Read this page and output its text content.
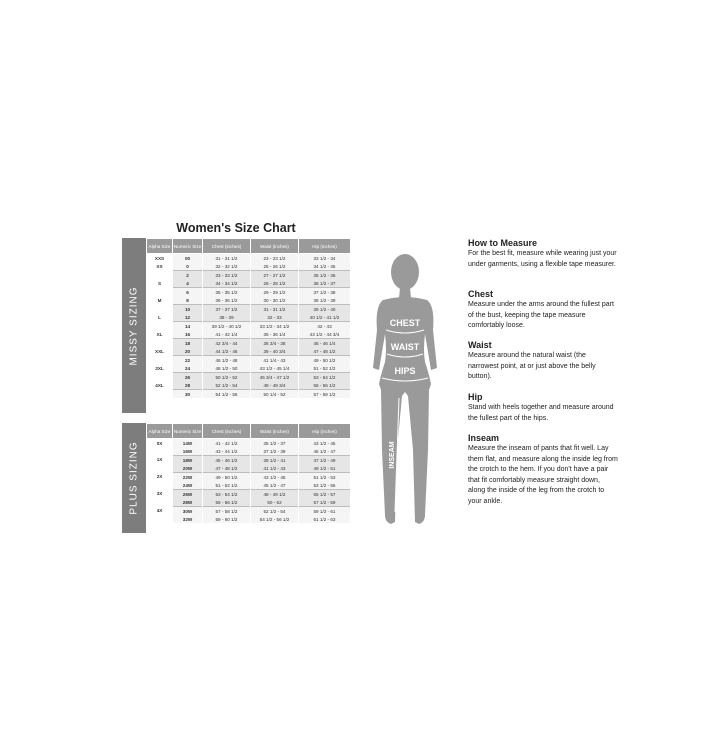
Women's Size Chart
MISSY SIZING
Alpha Size	Numeric Size	Chest (inches)	Waist (inches)	Hip (inches)
XXS	00	31 - 31 1/2	23 - 23 1/2	33 1/2 - 34
XS	0	32 - 32 1/2	26 - 26 1/2	34 1/2 - 35
	2	33 - 33 1/2	27 - 27 1/2	35 1/2 - 36
S	4	34 - 34 1/2	28 - 28 1/2	36 1/2 - 37
	6	35 - 35 1/2	29 - 29 1/2	37 1/2 - 38
M	8	36 - 36 1/2	30 - 30 1/2	38 1/2 - 39
	10	37 - 37 1/2	31 - 31 1/2	39 1/2 - 40
L	12	38 - 39	32 - 33	40 1/2 - 41 1/2
	14	39 1/2 - 40 1/2	33 1/2 - 34 1/2	42 - 43
XL	16	41 - 42 1/4	35 - 36 1/4	43 1/2 - 44 3/4
	18	42 3/4 - 44	36 3/4 - 38	45 - 46 1/4
XXL	20	44 1/2 - 46	39 - 40 3/4	47 - 48 1/2
	22	46 1/2 - 48	41 1/4 - 43	49 - 50 1/2
3XL	24	48 1/2 - 50	43 1/2 - 45 1/4	51 - 52 1/2
	26	50 1/2 - 52	45 3/4 - 47 1/2	53 - 54 1/2
4XL	28	52 1/2 - 54	48 - 49 3/4	55 - 56 1/2
	30	54 1/2 - 56	50 1/4 - 52	57 - 58 1/2
PLUS SIZING
Alpha Size	Numeric Size	Chest (inches)	Waist (inches)	Hip (inches)
0X	14W	41 - 42 1/2	35 1/2 - 37	43 1/2 - 45
	16W	43 - 44 1/2	37 1/2 - 39	45 1/2 - 47
1X	18W	45 - 46 1/2	39 1/2 - 41	47 1/2 - 49
	20W	47 - 48 1/2	41 1/2 - 43	49 1/2 - 51
2X	22W	49 - 50 1/2	43 1/2 - 45	51 1/2 - 53
	24W	51 - 52 1/2	45 1/2 - 47	53 1/2 - 55
3X	26W	53 - 54 1/2	48 - 49 1/2	55 1/2 - 57
	28W	55 - 56 1/2	50 - 52	57 1/2 - 59
4X	30W	57 - 58 1/2	52 1/2 - 54	59 1/2 - 61
	32W	59 - 60 1/2	54 1/2 - 56 1/2	61 1/2 - 63
CHEST
WAIST
HIPS
INSEAM
How to Measure

For the best fit, measure while wearing just your under garments, using a flexible tape measurer.

Chest

Measure under the arms around the fullest part of the bust, keeping the tape measure comfortably loose.

Waist

Measure around the natural waist (the narrowest point, at or just above the belly button).

Hip

Stand with heels together and measure around the fullest part of the hips.

Inseam

Measure the inseam of pants that fit well. Lay them flat, and measure along the inside leg from the crotch to the hem. If you don't have a pair that fit comfortably measure straight down, along the inside of the leg from the crotch to your ankle.
